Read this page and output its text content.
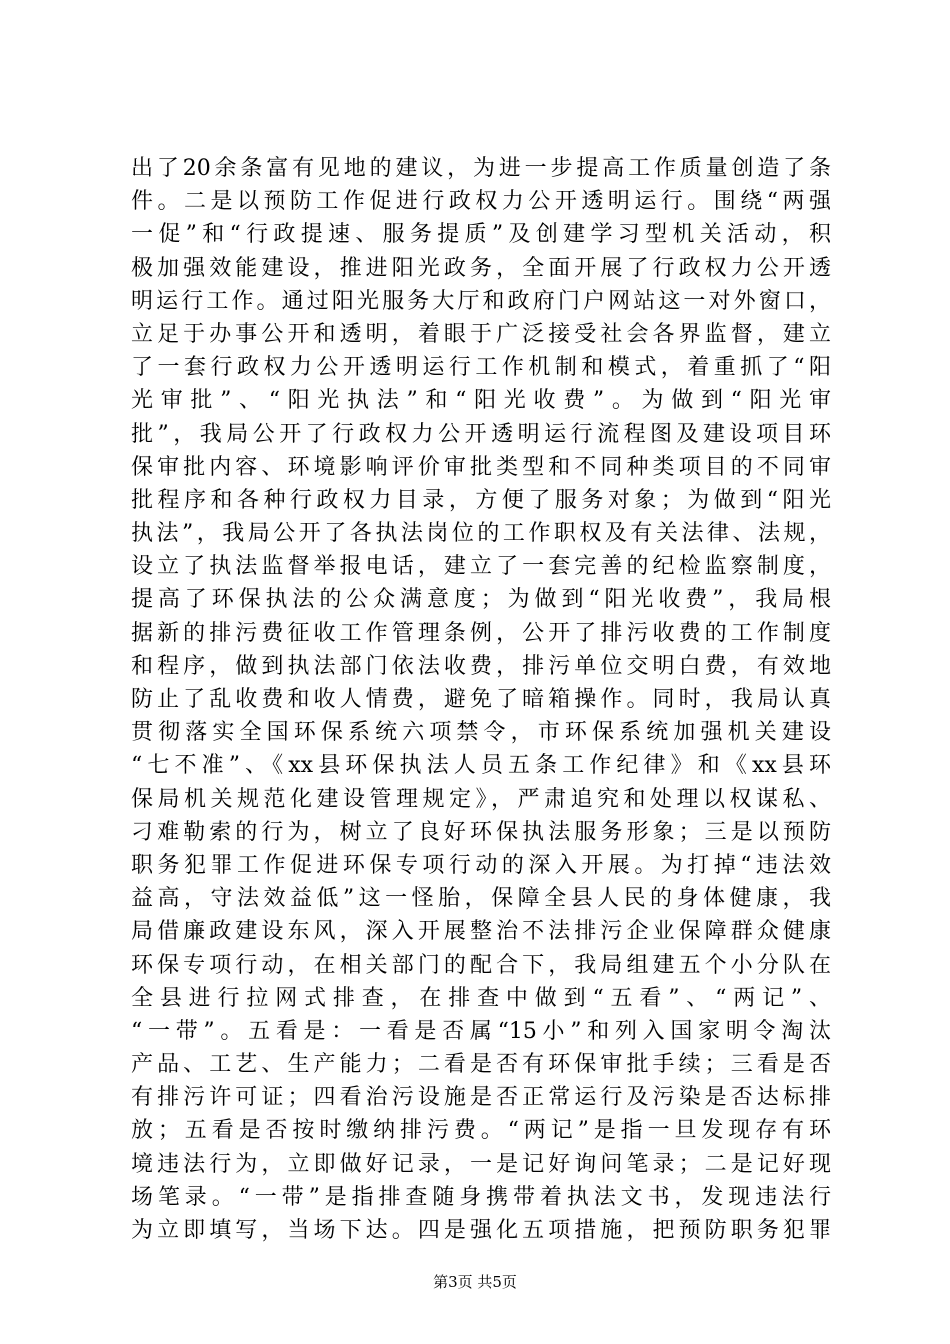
出了20余条富有见地的建议，为进一步提高工作质量创造了条
件。二是以预防工作促进行政权力公开透明运行。围绕“两强
一促”和“行政提速、服务提质”及创建学习型机关活动，积
极加强效能建设，推进阳光政务，全面开展了行政权力公开透
明运行工作。通过阳光服务大厅和政府门户网站这一对外窗口，
立足于办事公开和透明，着眼于广泛接受社会各界监督，建立
了一套行政权力公开透明运行工作机制和模式，着重抓了“阳
光审批”、“阳光执法”和“阳光收费”。为做到“阳光审
批”，我局公开了行政权力公开透明运行流程图及建设项目环
保审批内容、环境影响评价审批类型和不同种类项目的不同审
批程序和各种行政权力目录，方便了服务对象；为做到“阳光
执法”，我局公开了各执法岗位的工作职权及有关法律、法规，
设立了执法监督举报电话，建立了一套完善的纪检监察制度，
提高了环保执法的公众满意度；为做到“阳光收费”，我局根
据新的排污费征收工作管理条例，公开了排污收费的工作制度
和程序，做到执法部门依法收费，排污单位交明白费，有效地
防止了乱收费和收人情费，避免了暗箱操作。同时，我局认真
贯彻落实全国环保系统六项禁令，市环保系统加强机关建设
“七不准”、《xx县环保执法人员五条工作纪律》和《xx县环
保局机关规范化建设管理规定》，严肃追究和处理以权谋私、
刁难勒索的行为，树立了良好环保执法服务形象；三是以预防
职务犯罪工作促进环保专项行动的深入开展。为打掉“违法效
益高，守法效益低”这一怪胎，保障全县人民的身体健康，我
局借廉政建设东风，深入开展整治不法排污企业保障群众健康
环保专项行动，在相关部门的配合下，我局组建五个小分队在
全县进行拉网式排查，在排查中做到“五看”、“两记”、
“一带”。五看是：一看是否属“15小”和列入国家明令淘汰
产品、工艺、生产能力；二看是否有环保审批手续；三看是否
有排污许可证；四看治污设施是否正常运行及污染是否达标排
放；五看是否按时缴纳排污费。“两记”是指一旦发现存有环
境违法行为，立即做好记录，一是记好询问笔录；二是记好现
场笔录。“一带”是指排查随身携带着执法文书，发现违法行
为立即填写，当场下达。四是强化五项措施，把预防职务犯罪
第3页 共5页
